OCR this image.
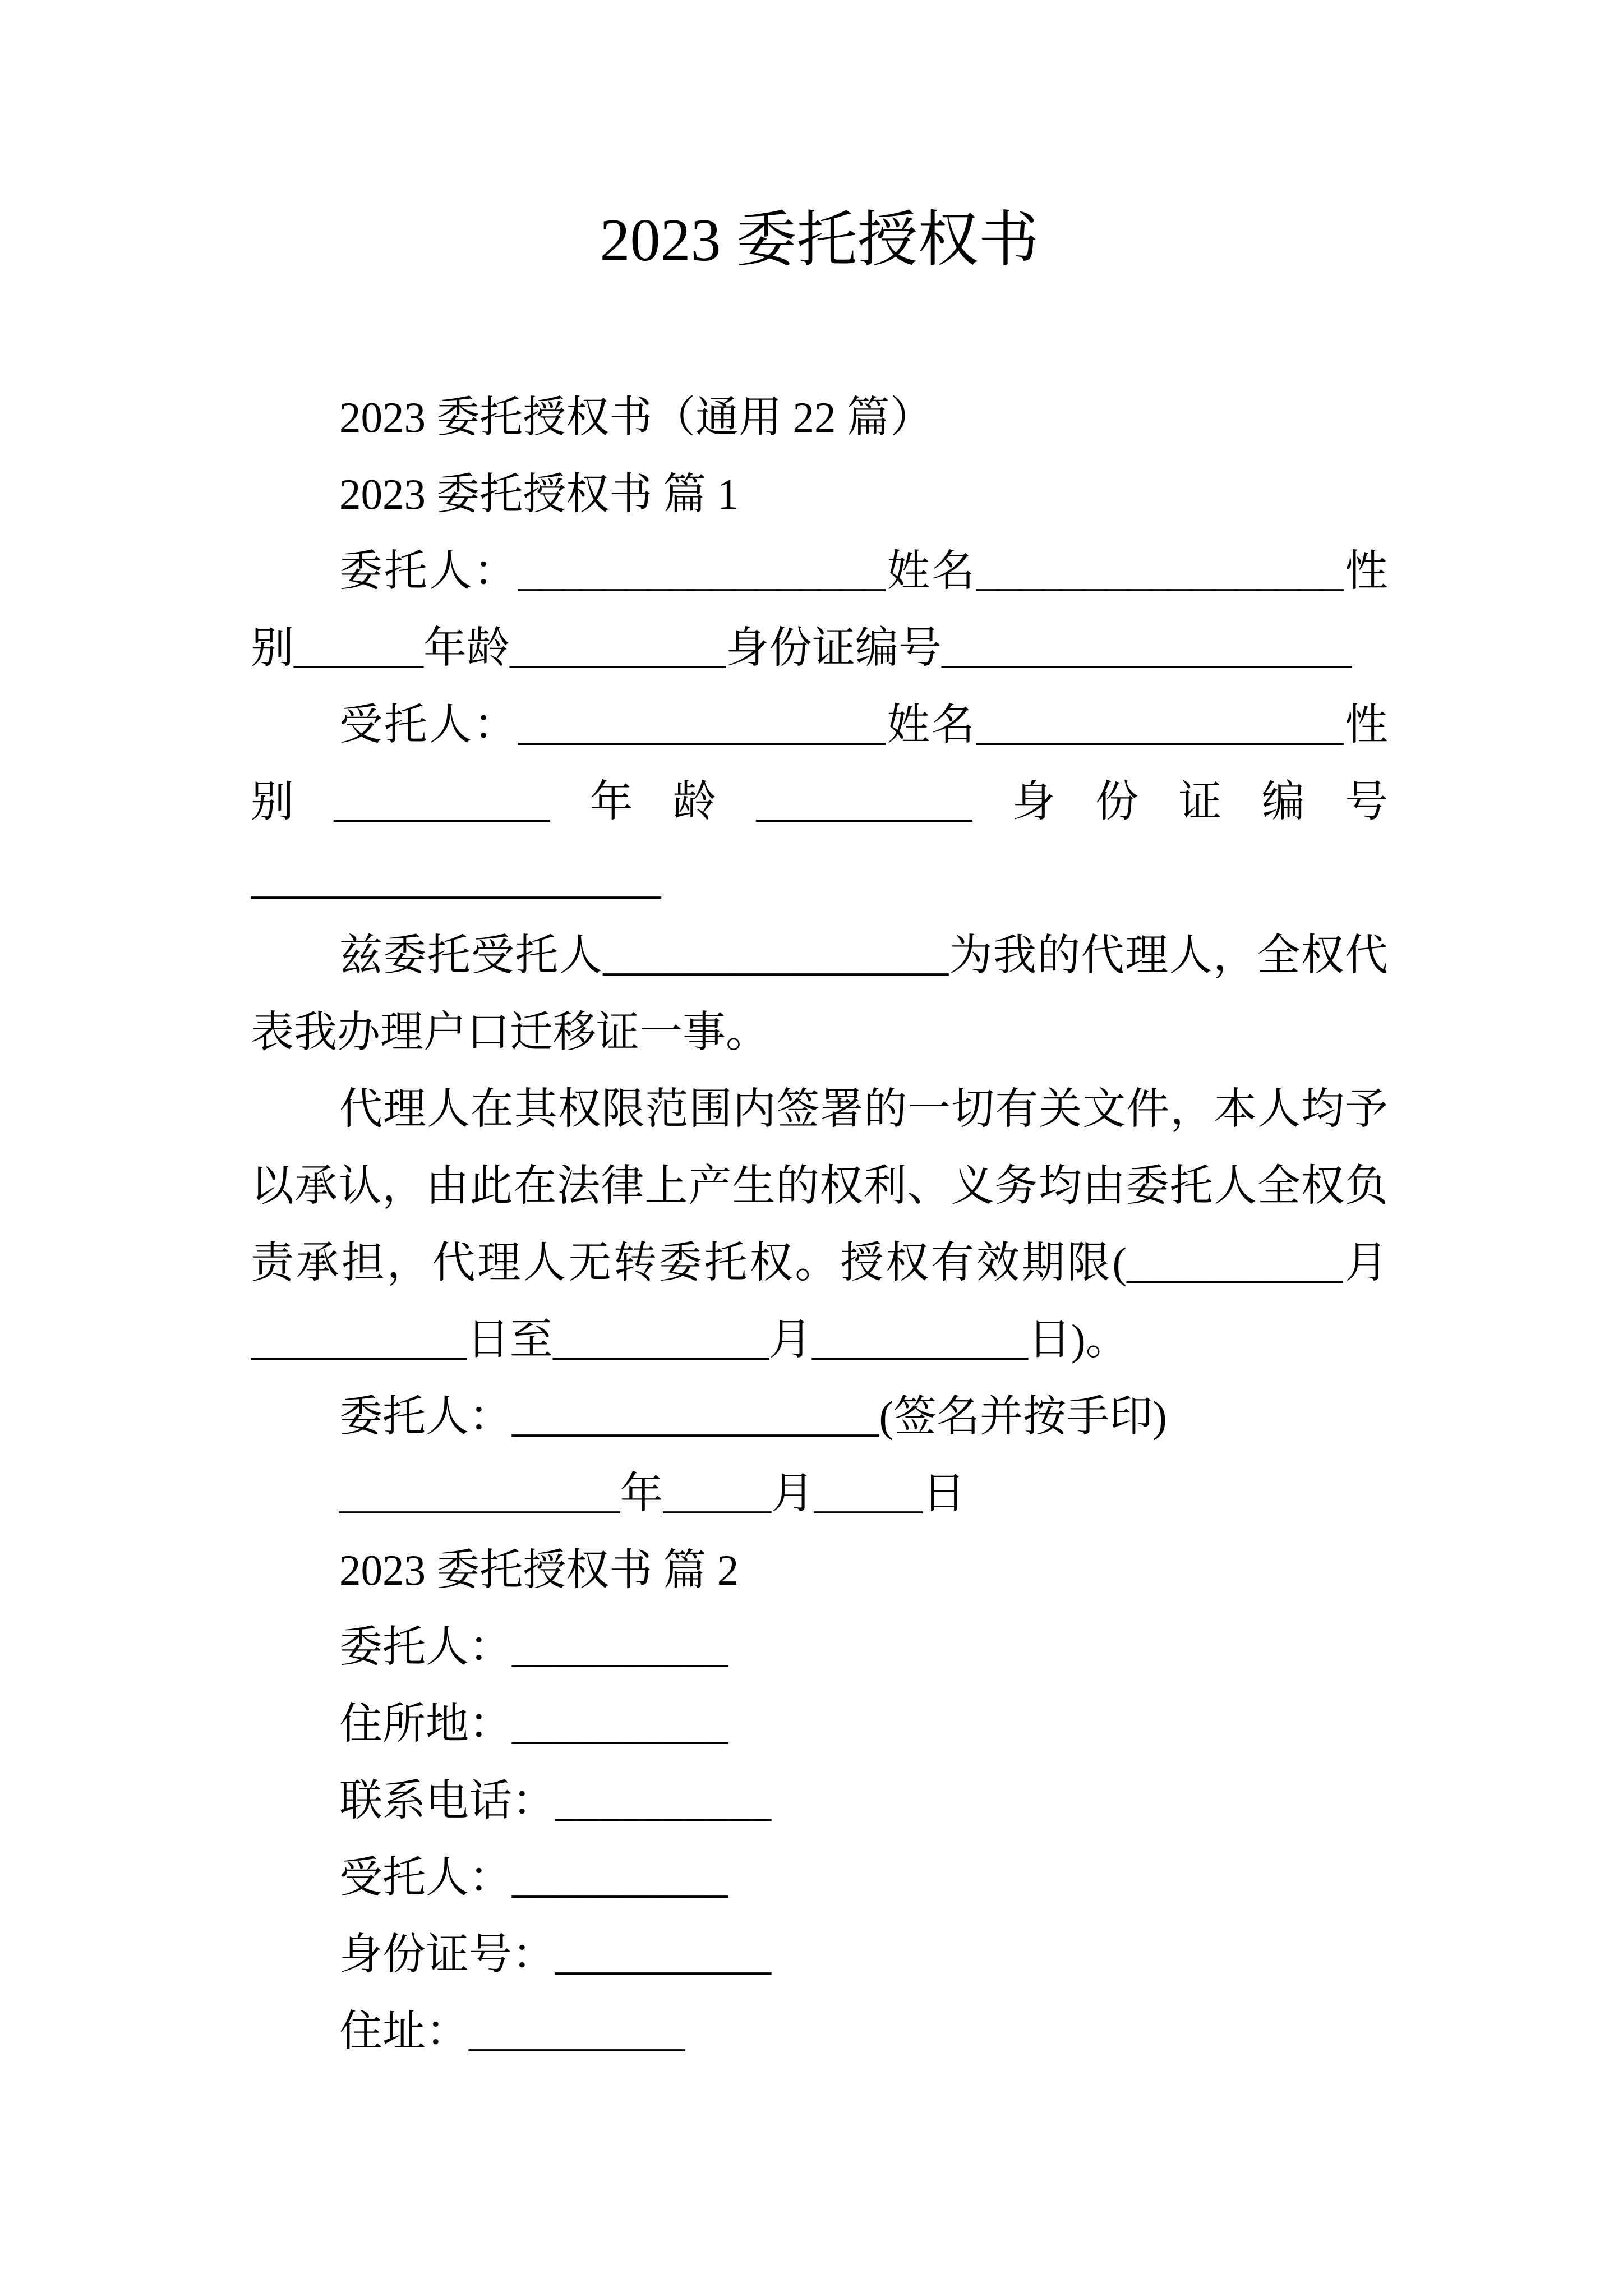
2023 委托授权书
2023 委托授权书（通用 22 篇）
2023 委托授权书 篇 1
委托人：_________________姓名_________________性
别______年龄__________身份证编号___________________
受托人：_________________姓名_________________性
别__________年龄__________身份证编号
___________________
兹委托受托人________________为我的代理人，全权代
表我办理户口迁移证一事。
代理人在其权限范围内签署的一切有关文件，本人均予
以承认，由此在法律上产生的权利、义务均由委托人全权负
责承担，代理人无转委托权。授权有效期限(__________月
__________日至__________月__________日)。
委托人：_________________(签名并按手印)
_____________年_____月_____日
2023 委托授权书 篇 2
委托人：__________
住所地：__________
联系电话：__________
受托人：__________
身份证号：__________
住址：__________
